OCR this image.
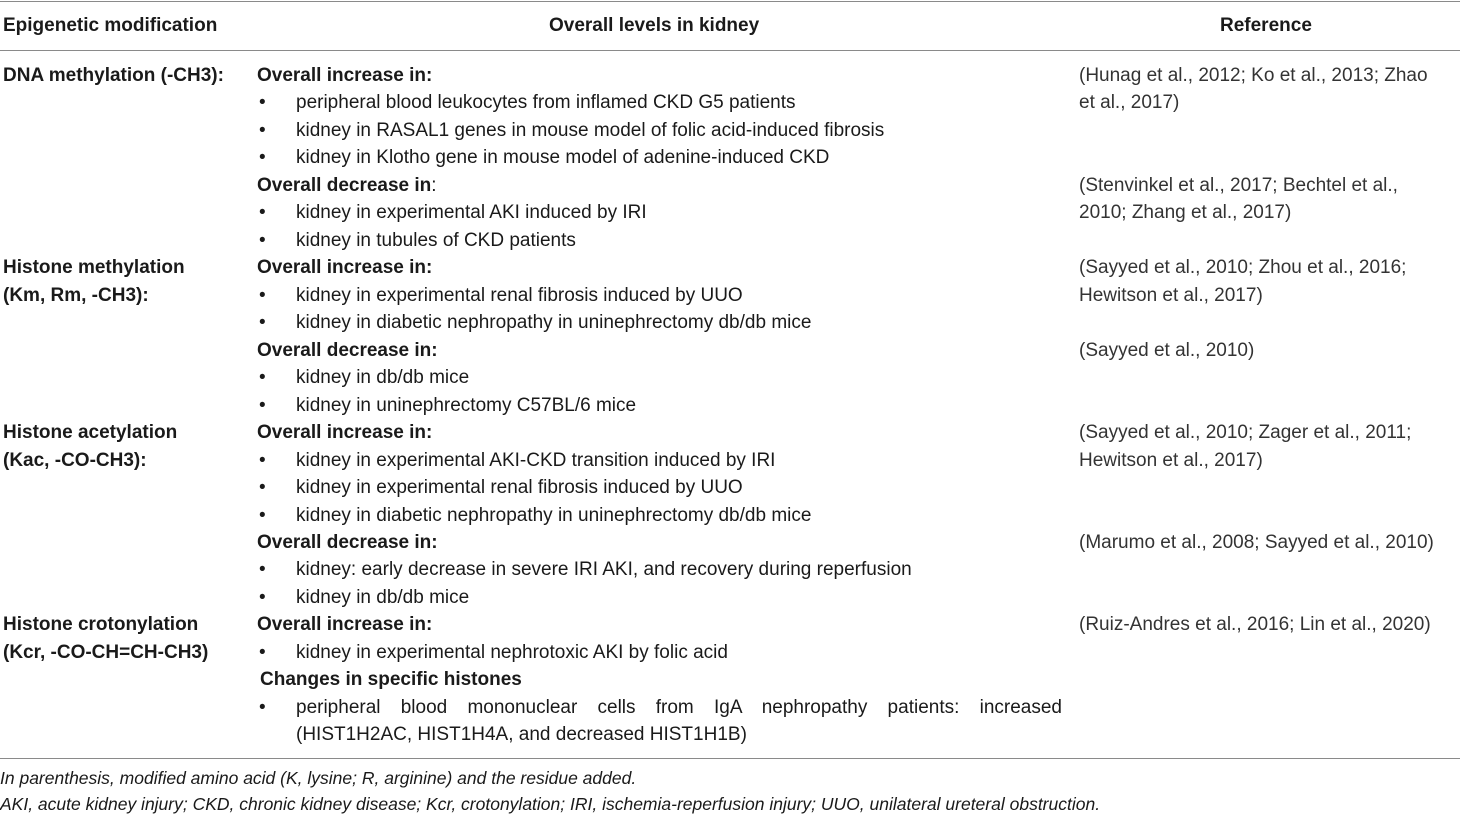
Epigenetic modification	Overall levels in kidney	Reference
DNA methylation (-CH3): Overall increase in:
• peripheral blood leukocytes from inflamed CKD G5 patients
• kidney in RASAL1 genes in mouse model of folic acid-induced fibrosis
• kidney in Klotho gene in mouse model of adenine-induced CKD
(Hunag et al., 2012; Ko et al., 2013; Zhao
et al., 2017)
Overall decrease in:
• kidney in experimental AKI induced by IRI
• kidney in tubules of CKD patients
(Stenvinkel et al., 2017; Bechtel et al.,
2010; Zhang et al., 2017)
Histone methylation
(Km, Rm, -CH3):
Overall increase in:
• kidney in experimental renal fibrosis induced by UUO
• kidney in diabetic nephropathy in uninephrectomy db/db mice
(Sayyed et al., 2010; Zhou et al., 2016;
Hewitson et al., 2017)
Overall decrease in:
• kidney in db/db mice
• kidney in uninephrectomy C57BL/6 mice
(Sayyed et al., 2010)
Histone acetylation
(Kac, -CO-CH3):
Overall increase in:
• kidney in experimental AKI-CKD transition induced by IRI
• kidney in experimental renal fibrosis induced by UUO
• kidney in diabetic nephropathy in uninephrectomy db/db mice
(Sayyed et al., 2010; Zager et al., 2011;
Hewitson et al., 2017)
Overall decrease in:
• kidney: early decrease in severe IRI AKI, and recovery during reperfusion
• kidney in db/db mice
(Marumo et al., 2008; Sayyed et al., 2010)
Histone crotonylation
(Kcr, -CO-CH=CH-CH3)
Overall increase in:
• kidney in experimental nephrotoxic AKI by folic acid
(Ruiz-Andres et al., 2016; Lin et al., 2020)
Changes in specific histones
• peripheral blood mononuclear cells from IgA nephropathy patients: increased
(HIST1H2AC, HIST1H4A, and decreased HIST1H1B)
In parenthesis, modified amino acid (K, lysine; R, arginine) and the residue added.
AKI, acute kidney injury; CKD, chronic kidney disease; Kcr, crotonylation; IRI, ischemia-reperfusion injury; UUO, unilateral ureteral obstruction.
